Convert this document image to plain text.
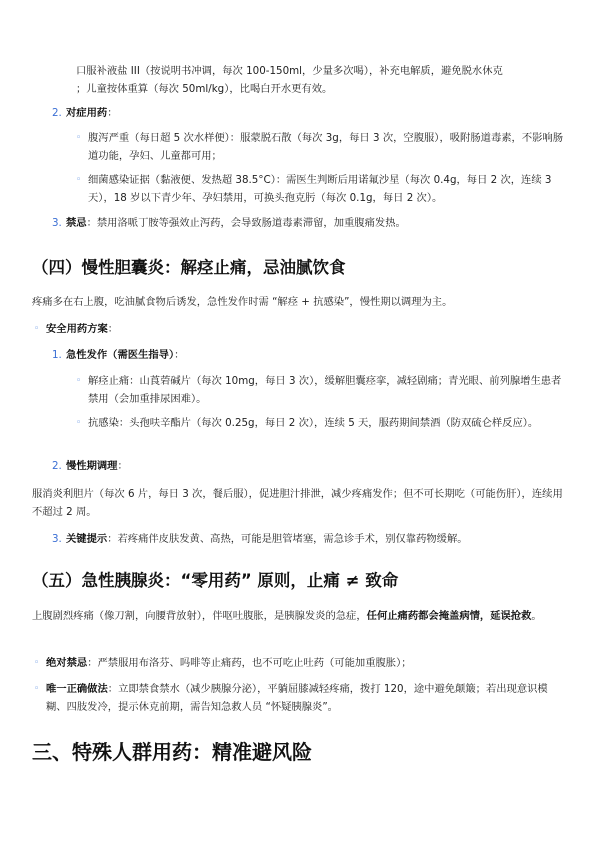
口服补液盐 III（按说明书冲调，每次 100-150ml，少量多次喝），补充电解质，避免脱水休克

；儿童按体重算（每次 50ml/kg），比喝白开水更有效。

2. 对症用药：

◦ 腹泻严重（每日超 5 次水样便）：服蒙脱石散（每次 3g，每日 3 次，空腹服），吸附肠道毒素，不影响肠道功能，孕妇、儿童都可用；
◦ 细菌感染证据（黏液便、发热超 38.5°C）：需医生判断后用诺氟沙星（每次 0.4g，每日 2 次，连续 3 天），18 岁以下青少年、孕妇禁用，可换头孢克肟（每次 0.1g，每日 2 次）。

3. 禁忌：禁用洛哌丁胺等强效止泻药，会导致肠道毒素滞留，加重腹痛发热。

（四）慢性胆囊炎：解痉止痛，忌油腻饮食

疼痛多在右上腹，吃油腻食物后诱发，急性发作时需 “解痉 + 抗感染”，慢性期以调理为主。

◦ 安全用药方案：

1. 急性发作（需医生指导）：

◦ 解痉止痛：山莨菪碱片（每次 10mg，每日 3 次），缓解胆囊痉挛，减轻剧痛；青光眼、前列腺增生患者禁用（会加重排尿困难）。
◦ 抗感染：头孢呋辛酯片（每次 0.25g，每日 2 次），连续 5 天，服药期间禁酒（防双硫仑样反应）。

2. 慢性期调理：

服消炎利胆片（每次 6 片，每日 3 次，餐后服），促进胆汁排泄，减少疼痛发作；但不可长期吃（可能伤肝），连续用不超过 2 周。

3. 关键提示：若疼痛伴皮肤发黄、高热，可能是胆管堵塞，需急诊手术，别仅靠药物缓解。

（五）急性胰腺炎：“零用药” 原则，止痛 ≠ 致命

上腹剧烈疼痛（像刀割，向腰背放射），伴呕吐腹胀，是胰腺发炎的急症，任何止痛药都会掩盖病情，延误抢救。

◦ 绝对禁忌：严禁服用布洛芬、吗啡等止痛药，也不可吃止吐药（可能加重腹胀）；
◦ 唯一正确做法：立即禁食禁水（减少胰腺分泌），平躺屈膝减轻疼痛，拨打 120，途中避免颠簸；若出现意识模糊、四肢发冷，提示休克前期，需告知急救人员 “怀疑胰腺炎”。
三、特殊人群用药：精准避风险
